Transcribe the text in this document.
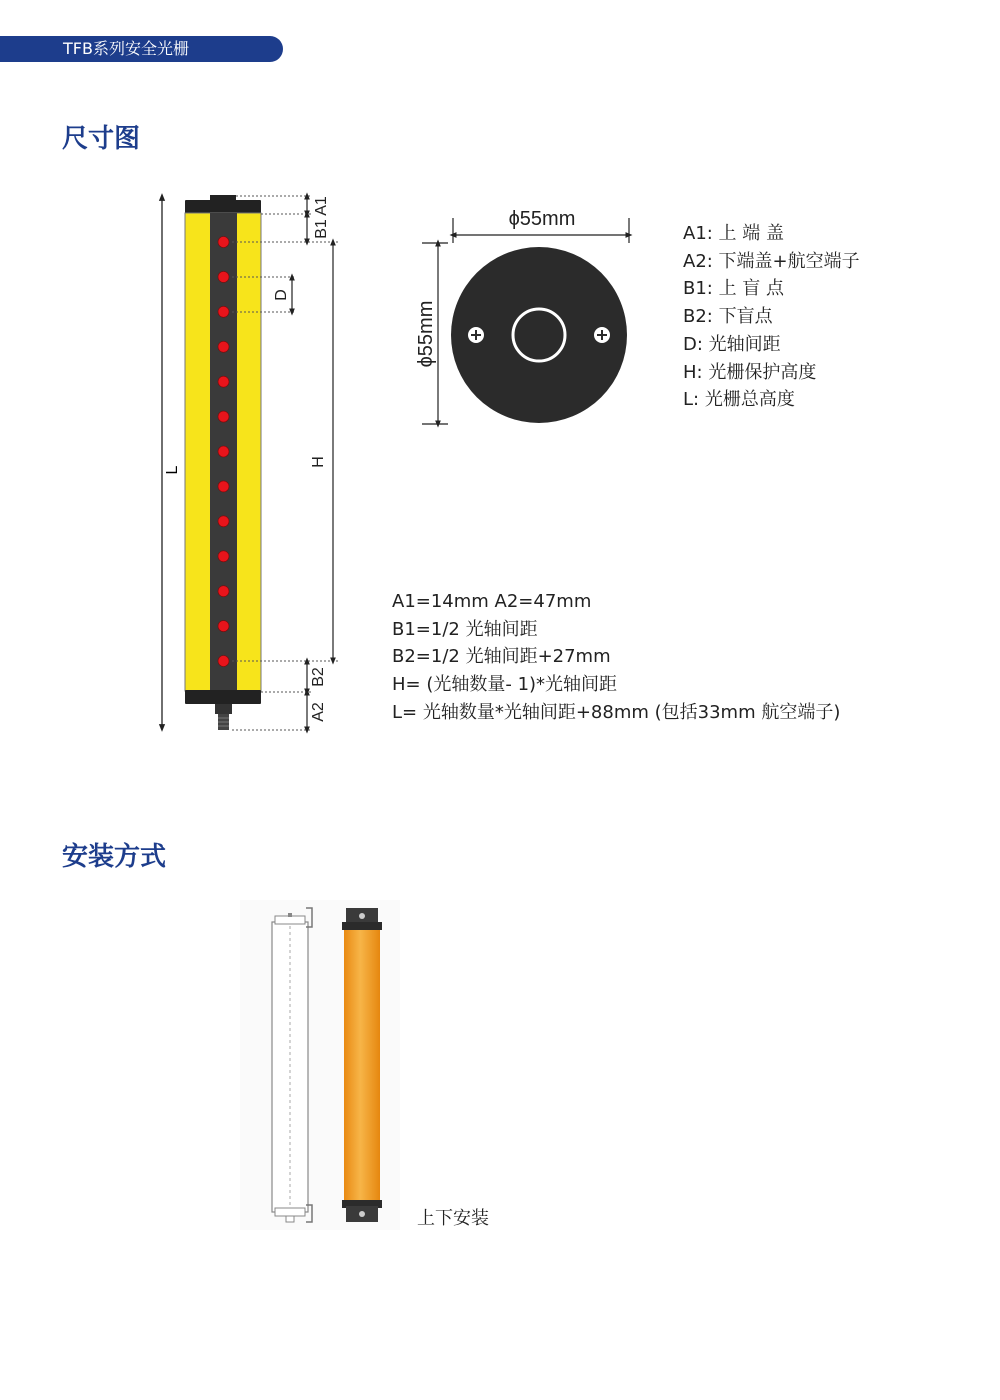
TFB系列安全光栅
尺寸图
安装方式
L
A1
B1
D
H
B2
A2
ϕ55mm
ϕ55mm
A1: 上 端 盖
A2: 下端盖+航空端子
B1: 上 盲 点
B2: 下盲点
D: 光轴间距
H: 光栅保护高度
L: 光栅总高度
A1=14mm A2=47mm
B1=1/2 光轴间距
B2=1/2 光轴间距+27mm
H= (光轴数量- 1)*光轴间距
L= 光轴数量*光轴间距+88mm (包括33mm 航空端子)
上下安装
